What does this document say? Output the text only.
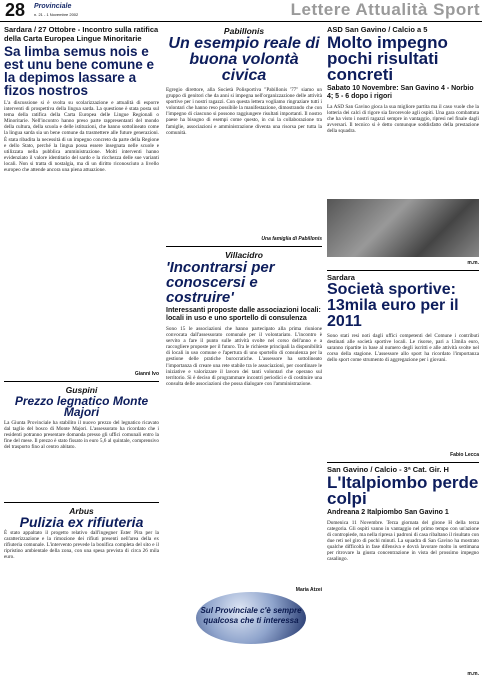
28 Provinciale
n. 21 - 1 Novembre 2002	Lettere Attualità Sport
Sardara / 27 Ottobre - Incontro sulla ratifica della Carta Europea Lingue Minoritarie
Sa limba semus nois e est unu bene comune e la depimos lassare a fizos nostros
L'a discussione si è svolta su scolarizzazione e attualità di esporre interventi di prospettiva della lingua sarda. La questione è stata posta sul tema della ratifica della Carta Europea delle Lingue Regionali o Minoritarie. Nell'incontro hanno preso parte rappresentanti del mondo della cultura, della scuola e delle istituzioni, che hanno sottolineato come la lingua sarda sia un bene comune da trasmettere alle future generazioni. È stata ribadita la necessità di un impegno concreto da parte della Regione e dello Stato, perché la lingua possa essere insegnata nelle scuole e utilizzata nella pubblica amministrazione. Molti interventi hanno evidenziato il valore identitario del sardo e la ricchezza delle sue varianti locali. Non si tratta di nostalgia, ma di un diritto riconosciuto a livello europeo che attende ancora una piena attuazione.
Gianni Ivo
Guspini
Prezzo legnatico Monte Majori
La Giunta Provinciale ha stabilito il nuovo prezzo del legnatico ricavato dal taglio del bosco di Monte Majori. L'assessorato ha ricordato che i residenti potranno presentare domanda presso gli uffici comunali entro la fine del mese. Il prezzo è stato fissato in euro 5,6 al quintale, comprensivo del trasporto fino al centro abitato.
Arbus
Pulizia ex rifiuteria
È stato appaltato il progetto relativo dall'ingegner Ester Pira per la caratterizzazione e la rimozione dei rifiuti presenti nell'area della ex rifiuteria comunale. L'intervento prevede la bonifica completa del sito e il ripristino ambientale della zona, con una spesa prevista di circa 26 mila euro.
Pabillonis
Un esempio reale di buona volontà civica
Egregio direttore, alla Società Polisportiva "Pabillonis '77" siamo un gruppo di genitori che da anni si impegna nell'organizzazione delle attività sportive per i nostri ragazzi. Con questa lettera vogliamo ringraziare tutti i volontari che hanno reso possibile la manifestazione, dimostrando che con l'impegno di ciascuno si possono raggiungere risultati importanti. Il nostro paese ha bisogno di esempi come questo, in cui la collaborazione tra famiglie, associazioni e amministrazione diventa una risorsa per tutta la comunità.
Una famiglia di Pabillonis
Villacidro
'Incontrarsi per conoscersi e costruire'
Interessanti proposte dalle associazioni locali: locali in uso e uno sportello di consulenza
Sono 15 le associazioni che hanno partecipato alla prima riunione convocata dall'assessorato comunale per il volontariato. L'incontro è servito a fare il punto sulle attività svolte nel corso dell'anno e a raccogliere proposte per il futuro. Tra le richieste principali la disponibilità di locali in uso comune e l'apertura di uno sportello di consulenza per la gestione delle pratiche burocratiche. L'assessore ha sottolineato l'importanza di creare una rete stabile tra le associazioni, per coordinare le iniziative e valorizzare il lavoro dei tanti volontari che operano sul territorio. Si è deciso di programmare incontri periodici e di costituire una consulta delle associazioni che possa dialogare con l'amministrazione.
Maria Atzei
Sul Provinciale c'è sempre qualcosa che ti interessa
ASD San Gavino / Calcio a 5
Molto impegno pochi risultati concreti
Sabato 10 Novembre: San Gavino 4 - Norbio 4; 5 - 6 dopo i rigori
La ASD San Gavino gioca la sua migliore partita ma il caso vuole che la lotteria dei calci di rigore sia favorevole agli ospiti. Una gara combattuta che ha visto i nostri ragazzi sempre in vantaggio, ripresi nel finale dagli avversari. Il tecnico si è detto comunque soddisfatto della prestazione della squadra.
m.m.
Sardara
Società sportive: 13mila euro per il 2011
Sono stati resi noti dagli uffici competenti del Comune i contributi destinati alle società sportive locali. Le risorse, pari a 13mila euro, saranno ripartite in base al numero degli iscritti e alle attività svolte nel corso della stagione. L'assessore allo sport ha ricordato l'importanza dello sport come strumento di aggregazione per i giovani.
Fabio Lecca
San Gavino / Calcio - 3ª Cat. Gir. H
L'Italpiombo perde colpi
Andreana 2 Italpiombo San Gavino 1
Domenica 11 Novembre. Terza giornata del girone H della terza categoria. Gli ospiti vanno in vantaggio nel primo tempo con un'azione di contropiede, ma nella ripresa i padroni di casa ribaltano il risultato con due reti nel giro di pochi minuti. La squadra di San Gavino ha mostrato qualche difficoltà in fase difensiva e dovrà lavorare molto in settimana per ritrovare la giusta concentrazione in vista del prossimo impegno casalingo.
m.m.
